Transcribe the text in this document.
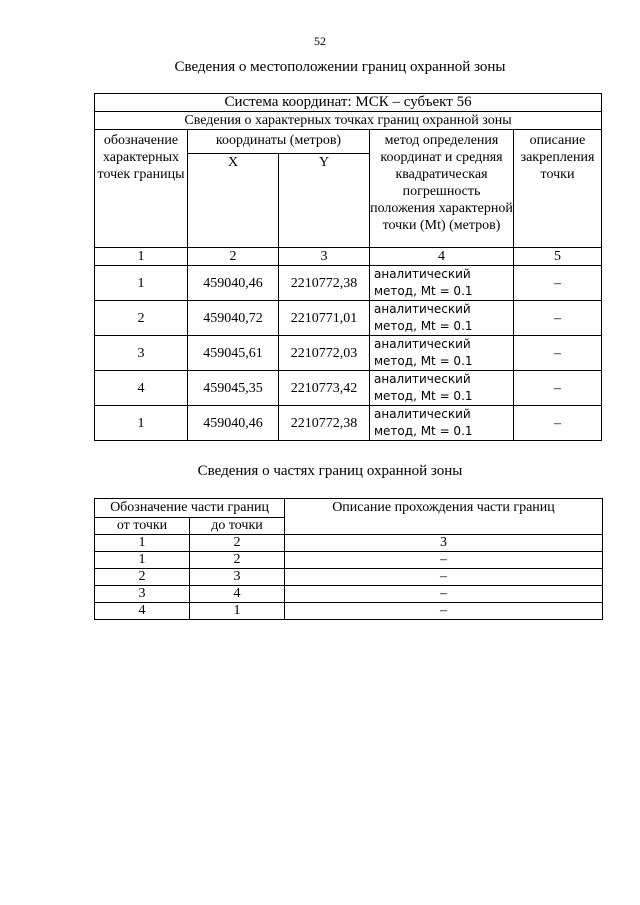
52
Сведения о местоположении границ охранной зоны
Система координат: МСК – субъект 56				
Сведения о характерных точках границ охранной зоны				
обозначение характерных точек границы	координаты (метров)		метод определения координат и средняя квадратическая погрешность положения характерной точки (Mt) (метров)	описание закрепления точки
	X	Y		
1	2	3	4	5
1	459040,46	2210772,38	аналитический метод, Mt = 0.1	–
2	459040,72	2210771,01	аналитический метод, Mt = 0.1	–
3	459045,61	2210772,03	аналитический метод, Mt = 0.1	–
4	459045,35	2210773,42	аналитический метод, Mt = 0.1	–
1	459040,46	2210772,38	аналитический метод, Mt = 0.1	–
Сведения о частях границ охранной зоны
Обозначение части границ		Описание прохождения части границ
от точки	до точки	
1	2	3
1	2	–
2	3	–
3	4	–
4	1	–
